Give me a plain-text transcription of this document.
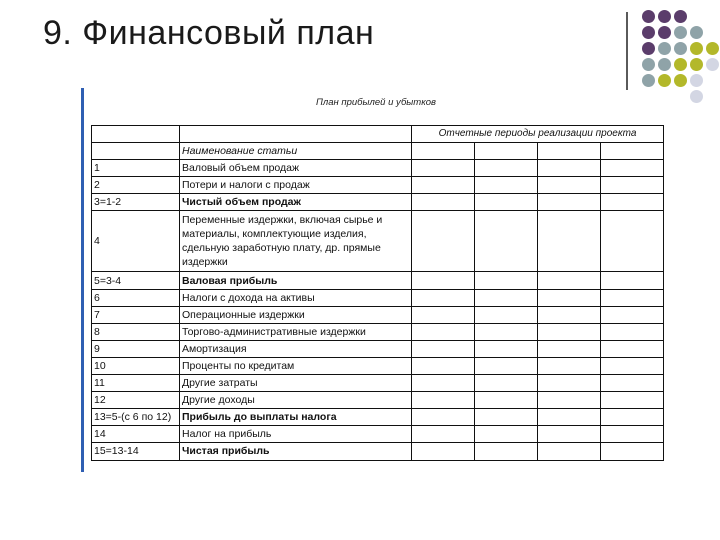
9. Финансовый план
План прибылей и убытков
		Отчетные периоды реализации проекта			
	Наименование статьи				
1	Валовый объем продаж				
2	Потери и налоги с продаж				
3=1-2	Чистый объем продаж				
4	Переменные издержки, включая сырье и материалы, комплектующие изделия, сдельную заработную плату, др. прямые издержки				
5=3-4	Валовая прибыль				
6	Налоги с дохода на активы				
7	Операционные издержки				
8	Торгово-административные издержки				
9	Амортизация				
10	Проценты по кредитам				
11	Другие затраты				
12	Другие доходы				
13=5-(с 6 по 12)	Прибыль до выплаты налога				
14	Налог на прибыль				
15=13-14	Чистая прибыль				
